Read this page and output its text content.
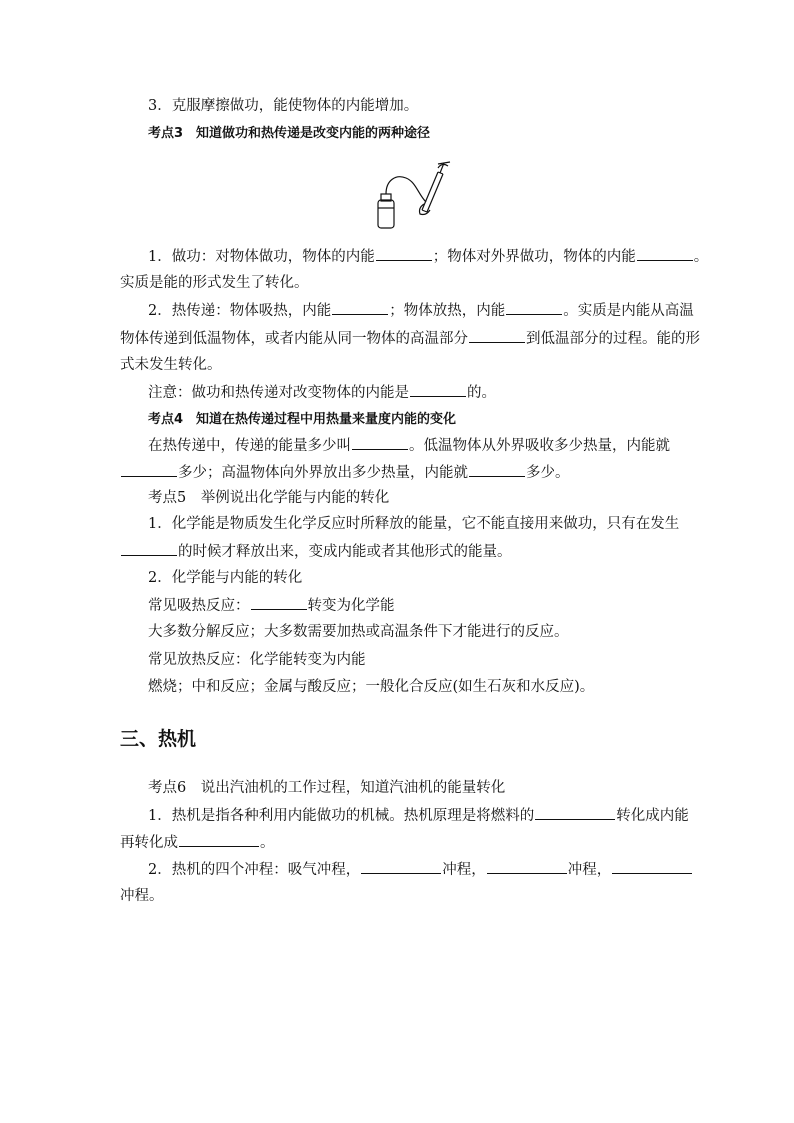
3．克服摩擦做功，能使物体的内能增加。
考点3　知道做功和热传递是改变内能的两种途径
1．做功：对物体做功，物体的内能	；物体对外界做功，物体的内能	。
实质是能的形式发生了转化。
2．热传递：物体吸热，内能	；物体放热，内能	。实质是内能从高温
物体传递到低温物体，或者内能从同一物体的高温部分	到低温部分的过程。能的形
式未发生转化。
注意：做功和热传递对改变物体的内能是	的。
考点4　知道在热传递过程中用热量来量度内能的变化
在热传递中，传递的能量多少叫	。低温物体从外界吸收多少热量，内能就
多少；高温物体向外界放出多少热量，内能就	多少。
考点5　举例说出化学能与内能的转化
1．化学能是物质发生化学反应时所释放的能量，它不能直接用来做功，只有在发生
的时候才释放出来，变成内能或者其他形式的能量。
2．化学能与内能的转化
常见吸热反应：	转变为化学能
大多数分解反应；大多数需要加热或高温条件下才能进行的反应。
常见放热反应：化学能转变为内能
燃烧；中和反应；金属与酸反应；一般化合反应(如生石灰和水反应)。
三、热机
考点6　说出汽油机的工作过程，知道汽油机的能量转化
1．热机是指各种利用内能做功的机械。热机原理是将燃料的	转化成内能
再转化成	。
2．热机的四个冲程：吸气冲程，	冲程，	冲程，
冲程。
